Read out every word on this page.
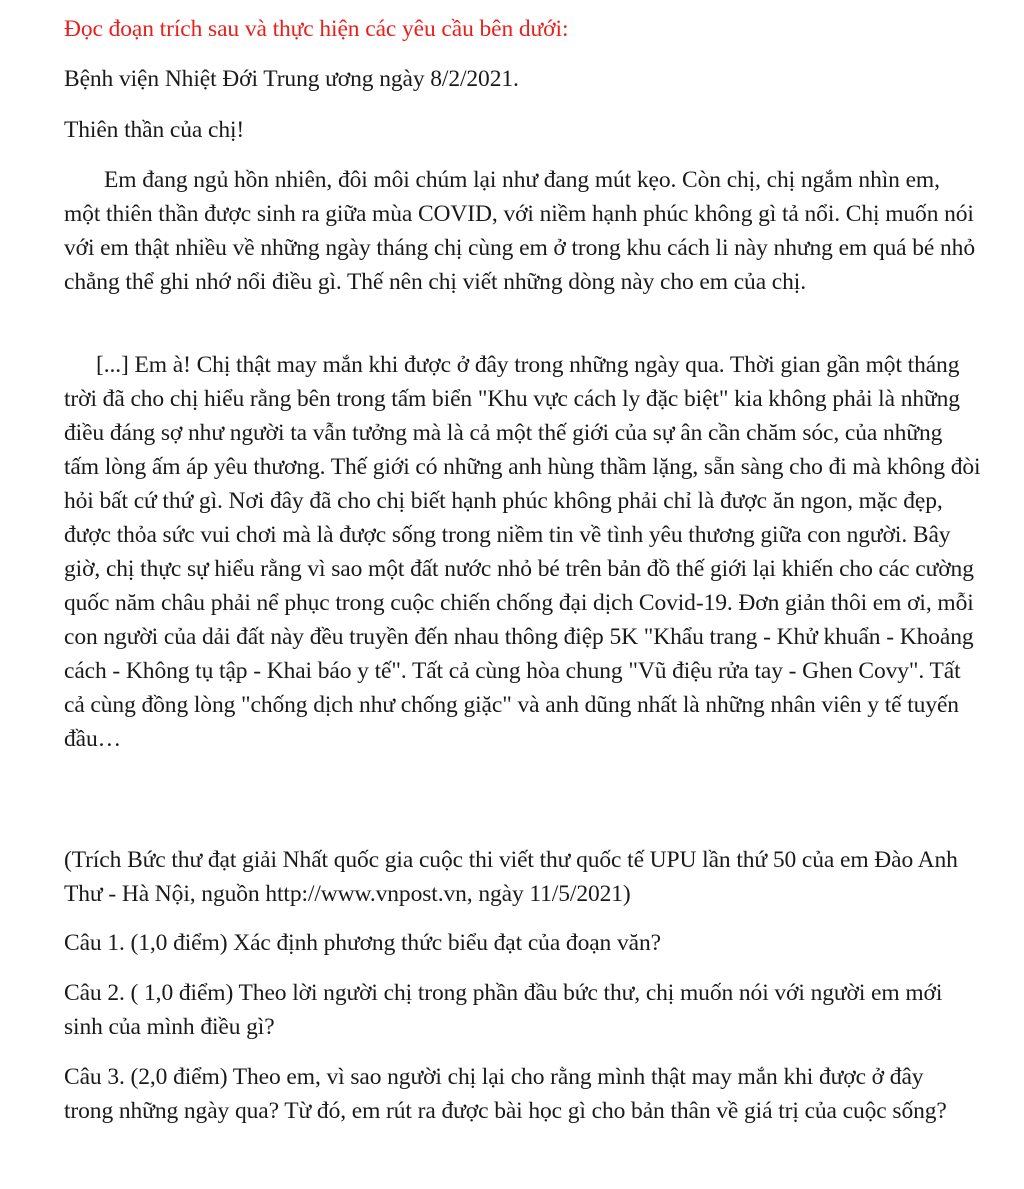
Đọc đoạn trích sau và thực hiện các yêu cầu bên dưới:

Bệnh viện Nhiệt Đới Trung ương ngày 8/2/2021.

Thiên thần của chị!

Em đang ngủ hồn nhiên, đôi môi chúm lại như đang mút kẹo. Còn chị, chị ngắm nhìn em, một thiên thần được sinh ra giữa mùa COVID, với niềm hạnh phúc không gì tả nổi. Chị muốn nói với em thật nhiều về những ngày tháng chị cùng em ở trong khu cách li này nhưng em quá bé nhỏ chẳng thể ghi nhớ nổi điều gì. Thế nên chị viết những dòng này cho em của chị.

[...] Em à! Chị thật may mắn khi được ở đây trong những ngày qua. Thời gian gần một tháng trời đã cho chị hiểu rằng bên trong tấm biển "Khu vực cách ly đặc biệt" kia không phải là những điều đáng sợ như người ta vẫn tưởng mà là cả một thế giới của sự ân cần chăm sóc, của những tấm lòng ấm áp yêu thương. Thế giới có những anh hùng thầm lặng, sẵn sàng cho đi mà không đòi hỏi bất cứ thứ gì. Nơi đây đã cho chị biết hạnh phúc không phải chỉ là được ăn ngon, mặc đẹp, được thỏa sức vui chơi mà là được sống trong niềm tin về tình yêu thương giữa con người. Bây giờ, chị thực sự hiểu rằng vì sao một đất nước nhỏ bé trên bản đồ thế giới lại khiến cho các cường quốc năm châu phải nể phục trong cuộc chiến chống đại dịch Covid-19. Đơn giản thôi em ơi, mỗi con người của dải đất này đều truyền đến nhau thông điệp 5K "Khẩu trang - Khử khuẩn - Khoảng cách - Không tụ tập - Khai báo y tế". Tất cả cùng hòa chung "Vũ điệu rửa tay - Ghen Covy". Tất cả cùng đồng lòng "chống dịch như chống giặc" và anh dũng nhất là những nhân viên y tế tuyến đầu…

(Trích Bức thư đạt giải Nhất quốc gia cuộc thi viết thư quốc tế UPU lần thứ 50 của em Đào Anh Thư - Hà Nội, nguồn http://www.vnpost.vn, ngày 11/5/2021)

Câu 1. (1,0 điểm) Xác định phương thức biểu đạt của đoạn văn?

Câu 2. ( 1,0 điểm) Theo lời người chị trong phần đầu bức thư, chị muốn nói với người em mới sinh của mình điều gì?

Câu 3. (2,0 điểm) Theo em, vì sao người chị lại cho rằng mình thật may mắn khi được ở đây trong những ngày qua? Từ đó, em rút ra được bài học gì cho bản thân về giá trị của cuộc sống?
